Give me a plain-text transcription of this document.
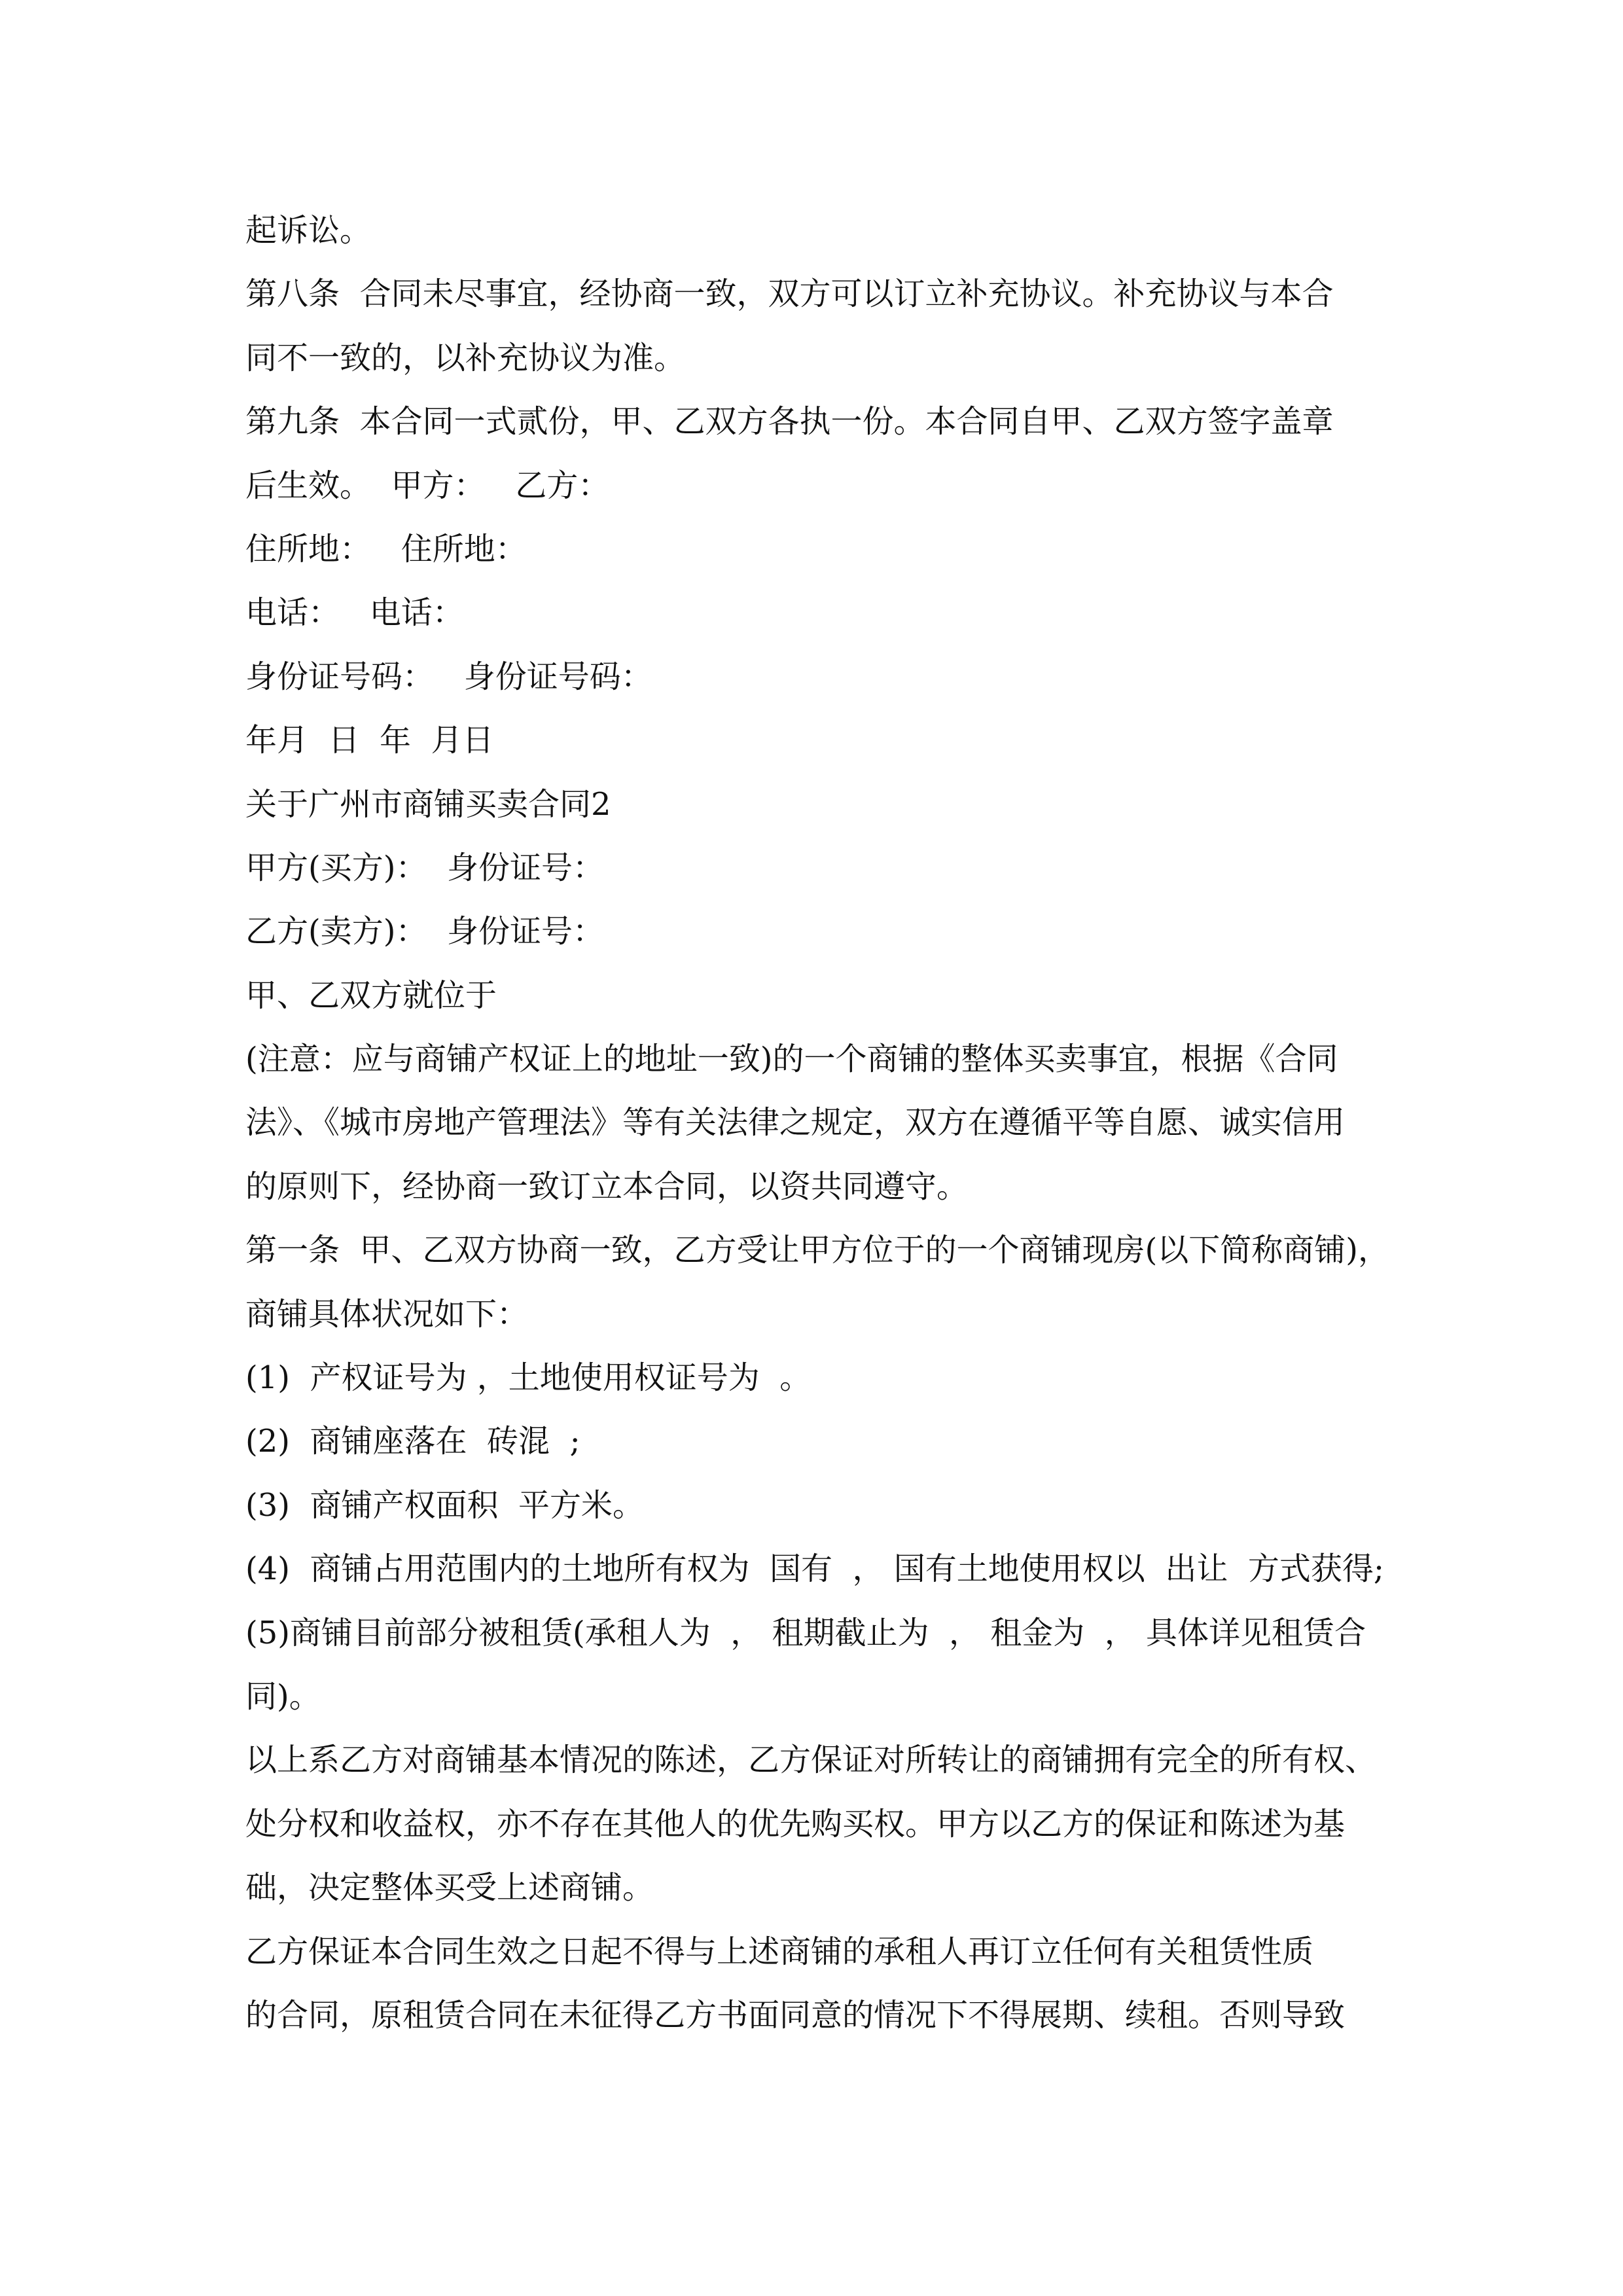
起诉讼。
第八条  合同未尽事宜，经协商一致，双方可以订立补充协议。补充协议与本合
同不一致的，以补充协议为准。
第九条  本合同一式贰份，甲、乙双方各执一份。本合同自甲、乙双方签字盖章
后生效。  甲方：   乙方：
住所地：   住所地：
电话：   电话：
身份证号码：   身份证号码：
年月  日  年  月日
关于广州市商铺买卖合同2
甲方(买方)：  身份证号：
乙方(卖方)：  身份证号：
甲、乙双方就位于
(注意：应与商铺产权证上的地址一致)的一个商铺的整体买卖事宜，根据《合同
法》、《城市房地产管理法》等有关法律之规定，双方在遵循平等自愿、诚实信用
的原则下，经协商一致订立本合同，以资共同遵守。
第一条  甲、乙双方协商一致，乙方受让甲方位于的一个商铺现房(以下简称商铺)，
商铺具体状况如下：
(1)  产权证号为 ，土地使用权证号为  。
(2)  商铺座落在  砖混  ;
(3)  商铺产权面积  平方米。
(4)  商铺占用范围内的土地所有权为  国有  ， 国有土地使用权以  出让  方式获得;
(5)商铺目前部分被租赁(承租人为  ， 租期截止为  ， 租金为  ， 具体详见租赁合
同)。
以上系乙方对商铺基本情况的陈述，乙方保证对所转让的商铺拥有完全的所有权、
处分权和收益权，亦不存在其他人的优先购买权。甲方以乙方的保证和陈述为基
础，决定整体买受上述商铺。
乙方保证本合同生效之日起不得与上述商铺的承租人再订立任何有关租赁性质
的合同，原租赁合同在未征得乙方书面同意的情况下不得展期、续租。否则导致
